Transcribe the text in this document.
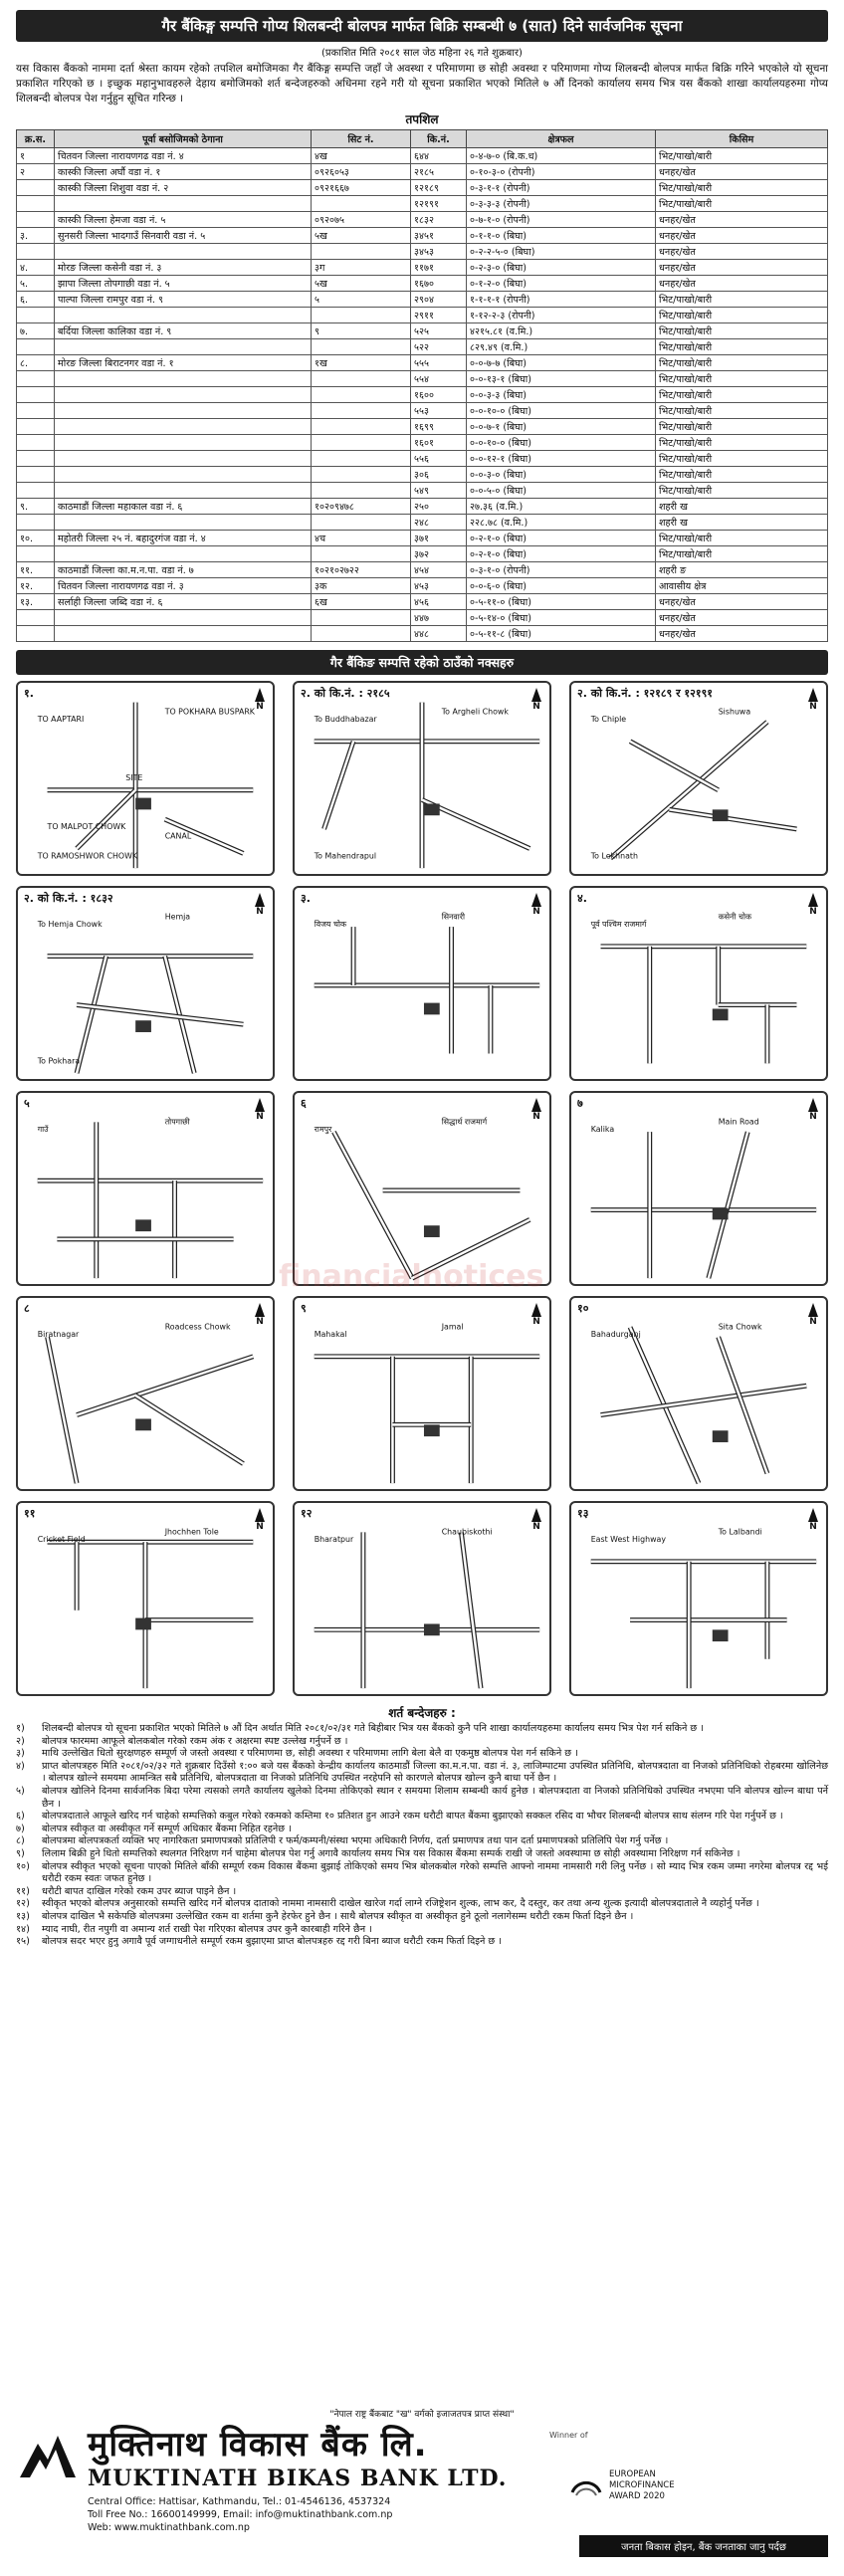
गैर बैंकिङ्ग सम्पत्ति गोप्य शिलबन्दी बोलपत्र मार्फत बिक्रि सम्बन्धी ७ (सात) दिने सार्वजनिक सूचना
(प्रकाशित मिति २०८१ साल जेठ महिना २६ गते शुक्रबार)

यस विकास बैंकको नाममा दर्ता श्रेस्ता कायम रहेको तपशिल बमोजिमका गैर बैंकिङ्ग सम्पत्ति जहाँ जे अवस्था र परिमाणमा छ सोही अवस्था र परिमाणमा गोप्य शिलबन्दी बोलपत्र मार्फत बिक्रि गरिने भएकोले यो सूचना प्रकाशित गरिएको छ । इच्छुक महानुभावहरुले देहाय बमोजिमको शर्त बन्देजहरुको अधिनमा रहने गरी यो सूचना प्रकाशित भएको मितिले ७ औं दिनको कार्यालय समय भित्र यस बैंकको शाखा कार्यालयहरुमा गोप्य शिलबन्दी बोलपत्र पेश गर्नुहुन सूचित गरिन्छ ।

तपशिल
क्र.स.	पूर्वा बसोजिमको ठेगाना	सिट नं.	कि.नं.	क्षेत्रफल	किसिम
१	चितवन जिल्ला नारायणगढ वडा नं. ४	४ख	६४४	०-४-७-० (बि.क.ध)	भिट/पाखो/बारी
२	कास्की जिल्ला अर्घौ वडा नं. १	०९२६०५३	२१८५	०-१०-३-० (रोपनी)	धनहर/खेत
	कास्की जिल्ला शिशुवा वडा नं. २	०९२१६६७	१२१८९	०-३-१-१ (रोपनी)	भिट/पाखो/बारी
			१२१९१	०-३-३-३ (रोपनी)	भिट/पाखो/बारी
	कास्की जिल्ला हेमजा वडा नं. ५	०९२०७५	१८३२	०-७-१-० (रोपनी)	धनहर/खेत
३.	सुनसरी जिल्ला भादगाउँ सिनवारी वडा नं. ५	५ख	३४५१	०-१-१-० (बिघा)	धनहर/खेत
			३४५३	०-२-२-५-० (बिघा)	धनहर/खेत
४.	मोरङ जिल्ला कसेनी वडा नं. ३	३ग	११७१	०-२-३-० (बिघा)	धनहर/खेत
५.	झापा जिल्ला तोपगाछी वडा नं. ५	५ख	१६७०	०-१-२-० (बिघा)	धनहर/खेत
६.	पाल्पा जिल्ला रामपुर वडा नं. ९	५	२९०४	१-१-१-१ (रोपनी)	भिट/पाखो/बारी
			२९११	१-१२-२-३ (रोपनी)	भिट/पाखो/बारी
७.	बर्दिया जिल्ला कालिका वडा नं. ९	९	५२५	४२१५.८१ (व.मि.)	भिट/पाखो/बारी
			५२२	८२९.४९ (व.मि.)	भिट/पाखो/बारी
८.	मोरङ जिल्ला बिराटनगर वडा नं. १	१ख	५५५	०-०-७-७ (बिघा)	भिट/पाखो/बारी
			५५४	०-०-१३-१ (बिघा)	भिट/पाखो/बारी
			१६००	०-०-३-३ (बिघा)	भिट/पाखो/बारी
			५५३	०-०-१०-० (बिघा)	भिट/पाखो/बारी
			१६९९	०-०-७-१ (बिघा)	भिट/पाखो/बारी
			१६०१	०-०-१०-० (बिघा)	भिट/पाखो/बारी
			५५६	०-०-१२-१ (बिघा)	भिट/पाखो/बारी
			३०६	०-०-३-० (बिघा)	भिट/पाखो/बारी
			५४९	०-०-५-० (बिघा)	भिट/पाखो/बारी
९.	काठमाडौं जिल्ला महाकाल वडा नं. ६	१०२०९४७८	२५०	२७.३६ (व.मि.)	शहरी ख
			२४८	२२८.७८ (व.मि.)	शहरी ख
१०.	महोतरी जिल्ला २५ नं. बहादुरगंज वडा नं. ४	४च	३७१	०-२-१-० (बिघा)	भिट/पाखो/बारी
			३७२	०-२-१-० (बिघा)	भिट/पाखो/बारी
११.	काठमाडौं जिल्ला का.म.न.पा. वडा नं. ७	१०२१०२७२२	४५४	०-३-१-० (रोपनी)	शहरी ङ
१२.	चितवन जिल्ला नारायणगढ वडा नं. ३	३क	४५३	०-०-६-० (बिघा)	आवासीय क्षेत्र
१३.	सर्लाही जिल्ला जब्दि वडा नं. ६	६ख	४५६	०-५-११-० (बिघा)	धनहर/खेत
			४४७	०-५-१४-० (बिघा)	धनहर/खेत
			४४८	०-५-११-८ (बिघा)	धनहर/खेत
गैर बैंकिङ सम्पत्ति रहेको ठाउँको नक्सहरु
१.
N
TO AAPTARI
TO POKHARA BUSPARK
TO RAMOSHWOR CHOWK
SITE
CANAL
TO MALPOT CHOWK
२. को कि.नं. : २१८५
N
To Buddhabazar
To Argheli Chowk
To Mahendrapul
२. को कि.नं. : १२१८९ र १२१९१
N
To Chiple
Sishuwa
To Lekhnath
२. को कि.नं. : १८३२
N
To Hemja Chowk
Hemja
To Pokhara
३.
N
विजय चोक
सिनवारी
४.
N
पूर्व पश्चिम राजमार्ग
कसेनी चोक
५
N
गाउँ
तोपगाछी
६
N
रामपुर
सिद्धार्थ राजमार्ग
७
N
Kalika
Main Road
८
N
Biratnagar
Roadcess Chowk
९
N
Mahakal
Jamal
१०
N
Bahadurganj
Sita Chowk
११
N
Cricket Field
Jhochhen Tole
१२
N
Bharatpur
Chaubiskothi
१३
N
East West Highway
To Lalbandi
शर्त बन्देजहरु :
१)	शिलबन्दी बोलपत्र यो सूचना प्रकाशित भएको मितिले ७ औं दिन अर्थात मिति २०८१/०२/३१ गते बिहीबार भित्र यस बैंकको कुनै पनि शाखा कार्यालयहरुमा कार्यालय समय भित्र पेश गर्न सकिने छ ।
२)	बोलपत्र फारममा आफूले बोलकबोल गरेको रकम अंक र अक्षरमा स्पष्ट उल्लेख गर्नुपर्ने छ ।
३)	माथि उल्लेखित धितो सुरक्षणहरु सम्पूर्ण जे जस्तो अवस्था र परिमाणमा छ, सोही अवस्था र परिमाणमा लागि बेला बेलै वा एकमुष्ठ बोलपत्र पेश गर्न सकिने छ ।
४)	प्राप्त बोलपत्रहरु मिति २०८१/०२/३२ गते शुक्रबार दिउँसो १:०० बजे यस बैंकको केन्द्रीय कार्यालय काठमाडौं जिल्ला का.म.न.पा. वडा नं. ३, लाजिम्पाटमा उपस्थित प्रतिनिधि, बोलपत्रदाता वा निजको प्रतिनिधिको रोहबरमा खोलिनेछ । बोलपत्र खोल्ने समयमा आमन्त्रित सबै प्रतिनिधि, बोलपत्रदाता वा निजको प्रतिनिधि उपस्थित नरहेपनि सो कारणले बोलपत्र खोल्न कुनै बाधा पर्ने छैन ।
५)	बोलपत्र खोलिने दिनमा सार्वजनिक बिदा परेमा त्यसको लगतै कार्यालय खुलेको दिनमा तोकिएको स्थान र समयमा शिलाम सम्बन्धी कार्य हुनेछ । बोलपत्रदाता वा निजको प्रतिनिधिको उपस्थित नभएमा पनि बोलपत्र खोल्न बाधा पर्ने छैन ।
६)	बोलपत्रदाताले आफूले खरिद गर्न चाहेको सम्पत्तिको कबुल गरेको रकमको कम्तिमा १० प्रतिशत हुन आउने रकम धरौटी बापत बैंकमा बुझाएको सक्कल रसिद वा भौचर शिलबन्दी बोलपत्र साथ संलग्न गरि पेश गर्नुपर्ने छ ।
७)	बोलपत्र स्वीकृत वा अस्वीकृत गर्ने सम्पूर्ण अधिकार बैंकमा निहित रहनेछ ।
८)	बोलपत्रमा बोलपत्रकर्ता व्यक्ति भए नागरिकता प्रमाणपत्रको प्रतिलिपी र फर्म/कम्पनी/संस्था भएमा अधिकारी निर्णय, दर्ता प्रमाणपत्र तथा पान दर्ता प्रमाणपत्रको प्रतिलिपि पेश गर्नु पर्नेछ ।
९)	लिलाम बिक्री हुने धितो सम्पत्तिको स्थलगत निरिक्षण गर्न चाहेमा बोलपत्र पेश गर्नु अगावै कार्यालय समय भित्र यस विकास बैंकमा सम्पर्क राखी जे जस्तो अवस्थामा छ सोही अवस्थामा निरिक्षण गर्न सकिनेछ ।
१०)	बोलपत्र स्वीकृत भएको सूचना पाएको मितिले बाँकी सम्पूर्ण रकम विकास बैंकमा बुझाई तोकिएको समय भित्र बोलकबोल गरेको सम्पत्ति आफ्नो नाममा नामसारी गरी लिनु पर्नेछ । सो म्याद भित्र रकम जम्मा नगरेमा बोलपत्र रद्द भई धरौटी रकम स्वतः जफत हुनेछ ।
११)	धरौटी बापत दाखिल गरेको रकम उपर ब्याज पाइने छैन ।
१२)	स्वीकृत भएको बोलपत्र अनुसारको सम्पत्ति खरिद गर्ने बोलपत्र दाताको नाममा नामसारी दाखेल खारेज गर्दा लाग्ने रजिष्ट्रेशन शुल्क, लाभ कर, दै दस्तुर, कर तथा अन्य शुल्क इत्यादी बोलपत्रदाताले नै व्यहोर्नु पर्नेछ ।
१३)	बोलपत्र दाखिल भै सकेपछि बोलपत्रमा उल्लेखित रकम वा शर्तमा कुनै हेरफेर हुने छैन । साथै बोलपत्र स्वीकृत वा अस्वीकृत हुने ठूलो नलागेसम्म धरौटी रकम फिर्ता दिइने छैन ।
१४)	म्याद नाघी, रीत नपुगी वा अमान्य शर्त राखी पेश गरिएका बोलपत्र उपर कुनै कारबाही गरिने छैन ।
१५)	बोलपत्र सदर भएर हुनु अगावै पूर्व जग्गाधनीले सम्पूर्ण रकम बुझाएमा प्राप्त बोलपत्रहरु रद्द गरी बिना ब्याज धरौटी रकम फिर्ता दिइने छ ।
financialnotices
"नेपाल राष्ट्र बैंकबाट "ख" वर्गको इजाजतपत्र प्राप्त संस्था"
मुक्तिनाथ विकास बैंक लि.
MUKTINATH BIKAS BANK LTD.
Central Office: Hattisar, Kathmandu, Tel.: 01-4546136, 4537324
Toll Free No.: 16600149999, Email: info@muktinathbank.com.np
Web: www.muktinathbank.com.np
Winner of
EUROPEAN MICROFINANCE AWARD 2020
जनता बिकास होइन, बैंक जनताका जानु पर्दछ
